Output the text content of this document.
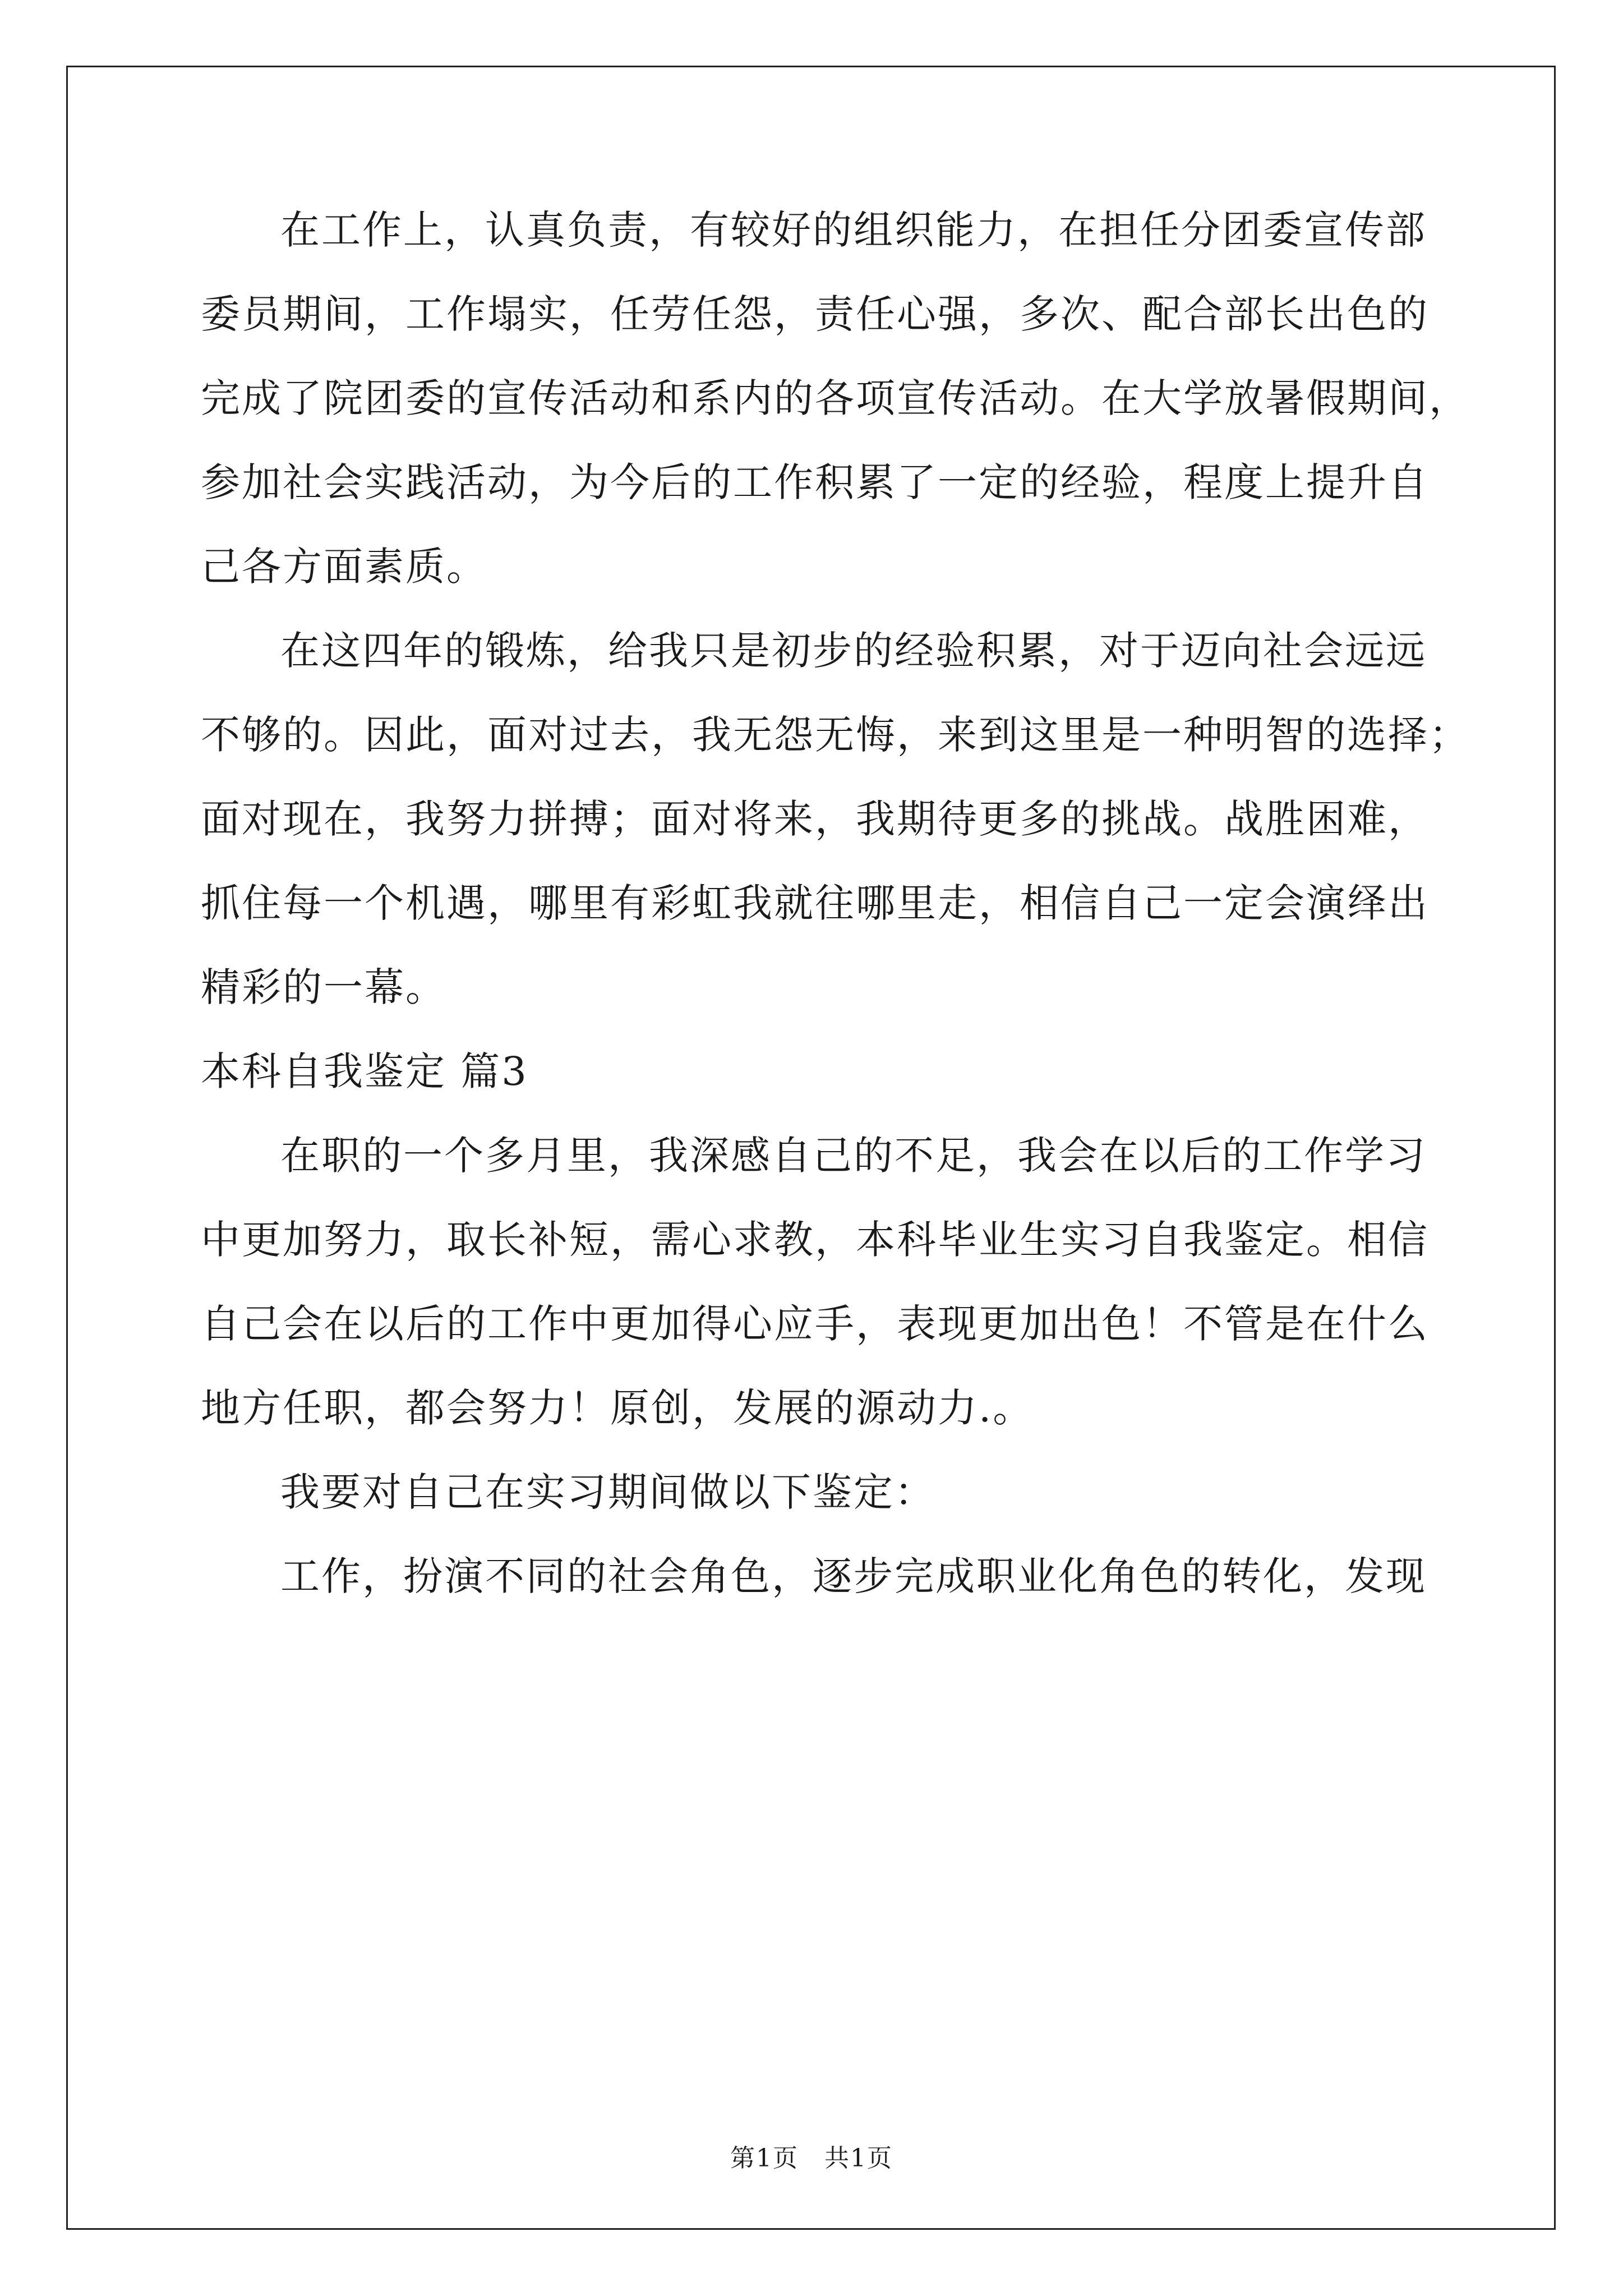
在工作上，认真负责，有较好的组织能力，在担任分团委宣传部
委员期间，工作塌实，任劳任怨，责任心强，多次、配合部长出色的
完成了院团委的宣传活动和系内的各项宣传活动。在大学放暑假期间，
参加社会实践活动，为今后的工作积累了一定的经验，程度上提升自
己各方面素质。
在这四年的锻炼，给我只是初步的经验积累，对于迈向社会远远
不够的。因此，面对过去，我无怨无悔，来到这里是一种明智的选择；
面对现在，我努力拼搏；面对将来，我期待更多的挑战。战胜困难，
抓住每一个机遇，哪里有彩虹我就往哪里走，相信自己一定会演绎出
精彩的一幕。
本科自我鉴定 篇3
在职的一个多月里，我深感自己的不足，我会在以后的工作学习
中更加努力，取长补短，需心求教，本科毕业生实习自我鉴定。相信
自己会在以后的工作中更加得心应手，表现更加出色！不管是在什么
地方任职，都会努力！原创，发展的源动力.。
我要对自己在实习期间做以下鉴定：
工作，扮演不同的社会角色，逐步完成职业化角色的转化，发现
第1页　共1页
